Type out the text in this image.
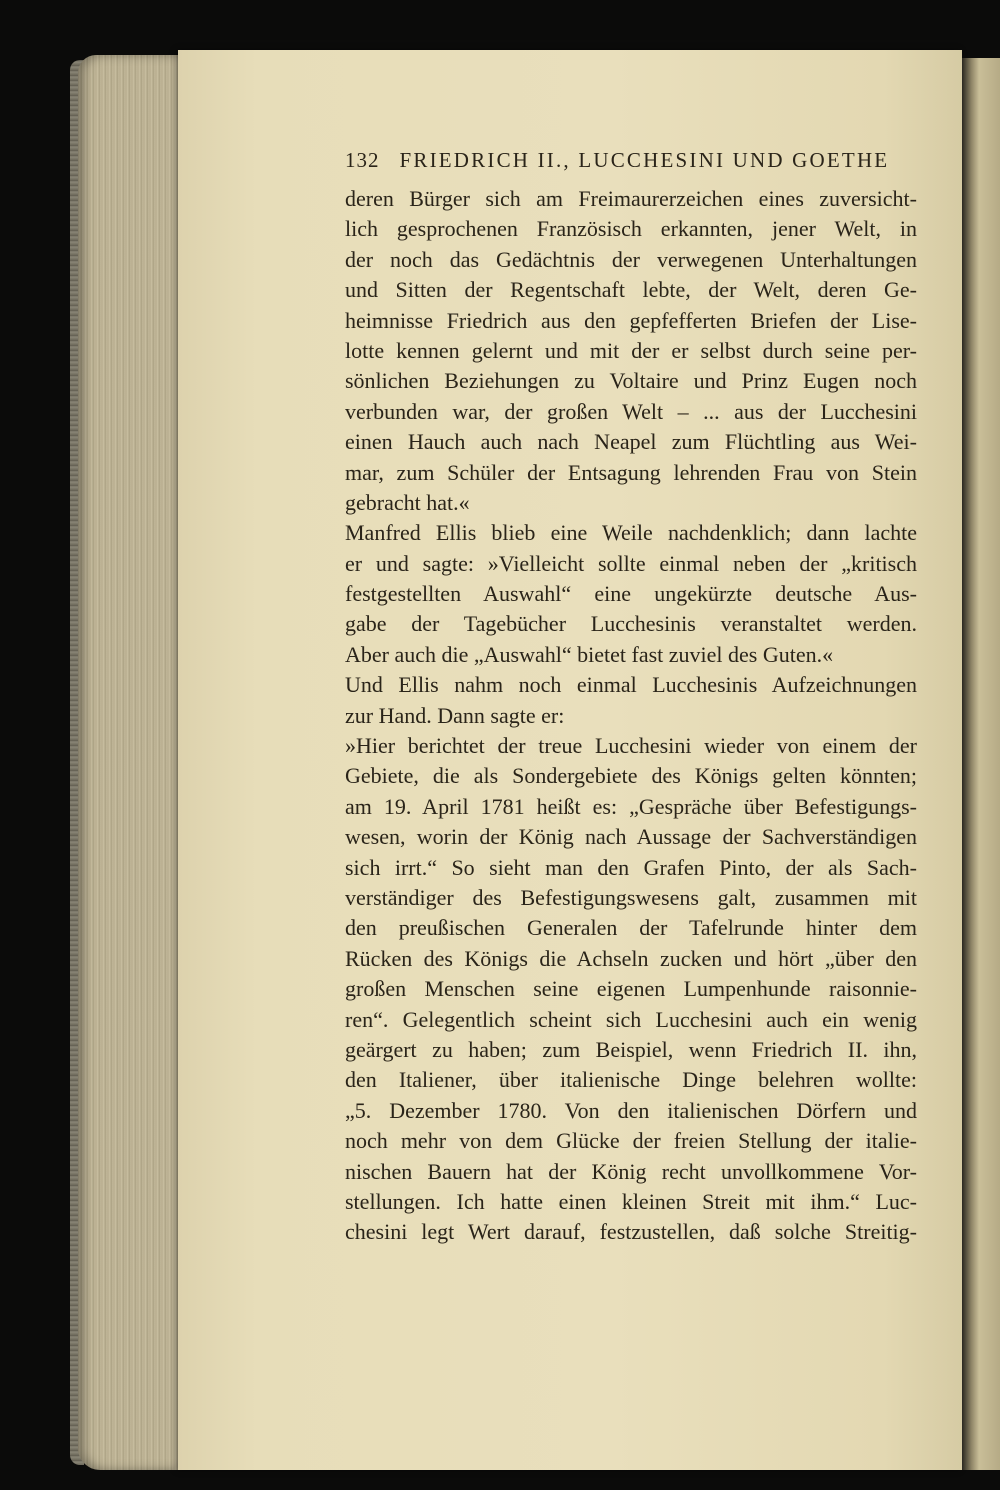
132 FRIEDRICH II., LUCCHESINI UND GOETHE
deren Bürger sich am Freimaurerzeichen eines zuversicht-
lich gesprochenen Französisch erkannten, jener Welt, in
der noch das Gedächtnis der verwegenen Unterhaltungen
und Sitten der Regentschaft lebte, der Welt, deren Ge-
heimnisse Friedrich aus den gepfefferten Briefen der Lise-
lotte kennen gelernt und mit der er selbst durch seine per-
sönlichen Beziehungen zu Voltaire und Prinz Eugen noch
verbunden war, der großen Welt – ... aus der Lucchesini
einen Hauch auch nach Neapel zum Flüchtling aus Wei-
mar, zum Schüler der Entsagung lehrenden Frau von Stein
gebracht hat.«
Manfred Ellis blieb eine Weile nachdenklich; dann lachte
er und sagte: »Vielleicht sollte einmal neben der „kritisch
festgestellten Auswahl“ eine ungekürzte deutsche Aus-
gabe der Tagebücher Lucchesinis veranstaltet werden.
Aber auch die „Auswahl“ bietet fast zuviel des Guten.«
Und Ellis nahm noch einmal Lucchesinis Aufzeichnungen
zur Hand. Dann sagte er:
»Hier berichtet der treue Lucchesini wieder von einem der
Gebiete, die als Sondergebiete des Königs gelten könnten;
am 19. April 1781 heißt es: „Gespräche über Befestigungs-
wesen, worin der König nach Aussage der Sachverständigen
sich irrt.“ So sieht man den Grafen Pinto, der als Sach-
verständiger des Befestigungswesens galt, zusammen mit
den preußischen Generalen der Tafelrunde hinter dem
Rücken des Königs die Achseln zucken und hört „über den
großen Menschen seine eigenen Lumpenhunde raisonnie-
ren“. Gelegentlich scheint sich Lucchesini auch ein wenig
geärgert zu haben; zum Beispiel, wenn Friedrich II. ihn,
den Italiener, über italienische Dinge belehren wollte:
„5. Dezember 1780. Von den italienischen Dörfern und
noch mehr von dem Glücke der freien Stellung der italie-
nischen Bauern hat der König recht unvollkommene Vor-
stellungen. Ich hatte einen kleinen Streit mit ihm.“ Luc-
chesini legt Wert darauf, festzustellen, daß solche Streitig-
